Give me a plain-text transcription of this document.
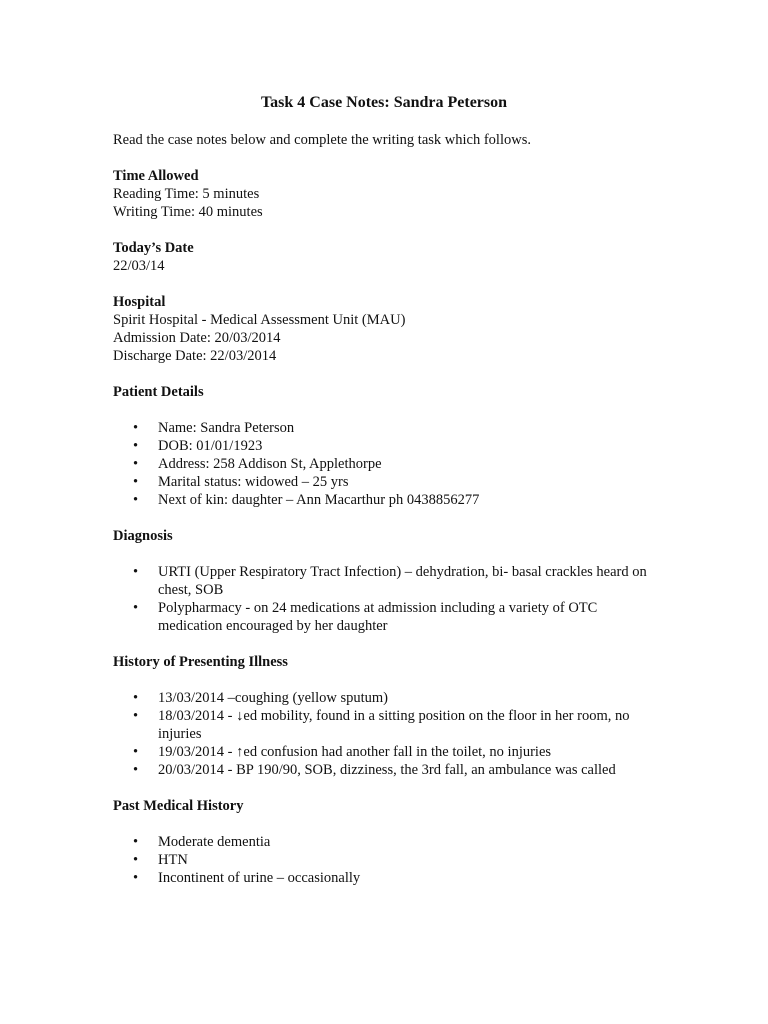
Task 4 Case Notes: Sandra Peterson

Read the case notes below and complete the writing task which follows.

Time Allowed

Reading Time: 5 minutes

Writing Time: 40 minutes

Today’s Date

22/03/14

Hospital

Spirit Hospital - Medical Assessment Unit (MAU)

Admission Date: 20/03/2014

Discharge Date: 22/03/2014

Patient Details

• Name: Sandra Peterson
• DOB: 01/01/1923
• Address: 258 Addison St, Applethorpe
• Marital status: widowed – 25 yrs
• Next of kin: daughter – Ann Macarthur ph 0438856277

Diagnosis

• URTI (Upper Respiratory Tract Infection) – dehydration, bi- basal crackles heard on chest, SOB
• Polypharmacy - on 24 medications at admission including a variety of OTC medication encouraged by her daughter

History of Presenting Illness

• 13/03/2014 –coughing (yellow sputum)
• 18/03/2014 - ↓ed mobility, found in a sitting position on the floor in her room, no injuries
• 19/03/2014 - ↑ed confusion had another fall in the toilet, no injuries
• 20/03/2014 - BP 190/90, SOB, dizziness, the 3rd fall, an ambulance was called

Past Medical History

• Moderate dementia
• HTN
• Incontinent of urine – occasionally
